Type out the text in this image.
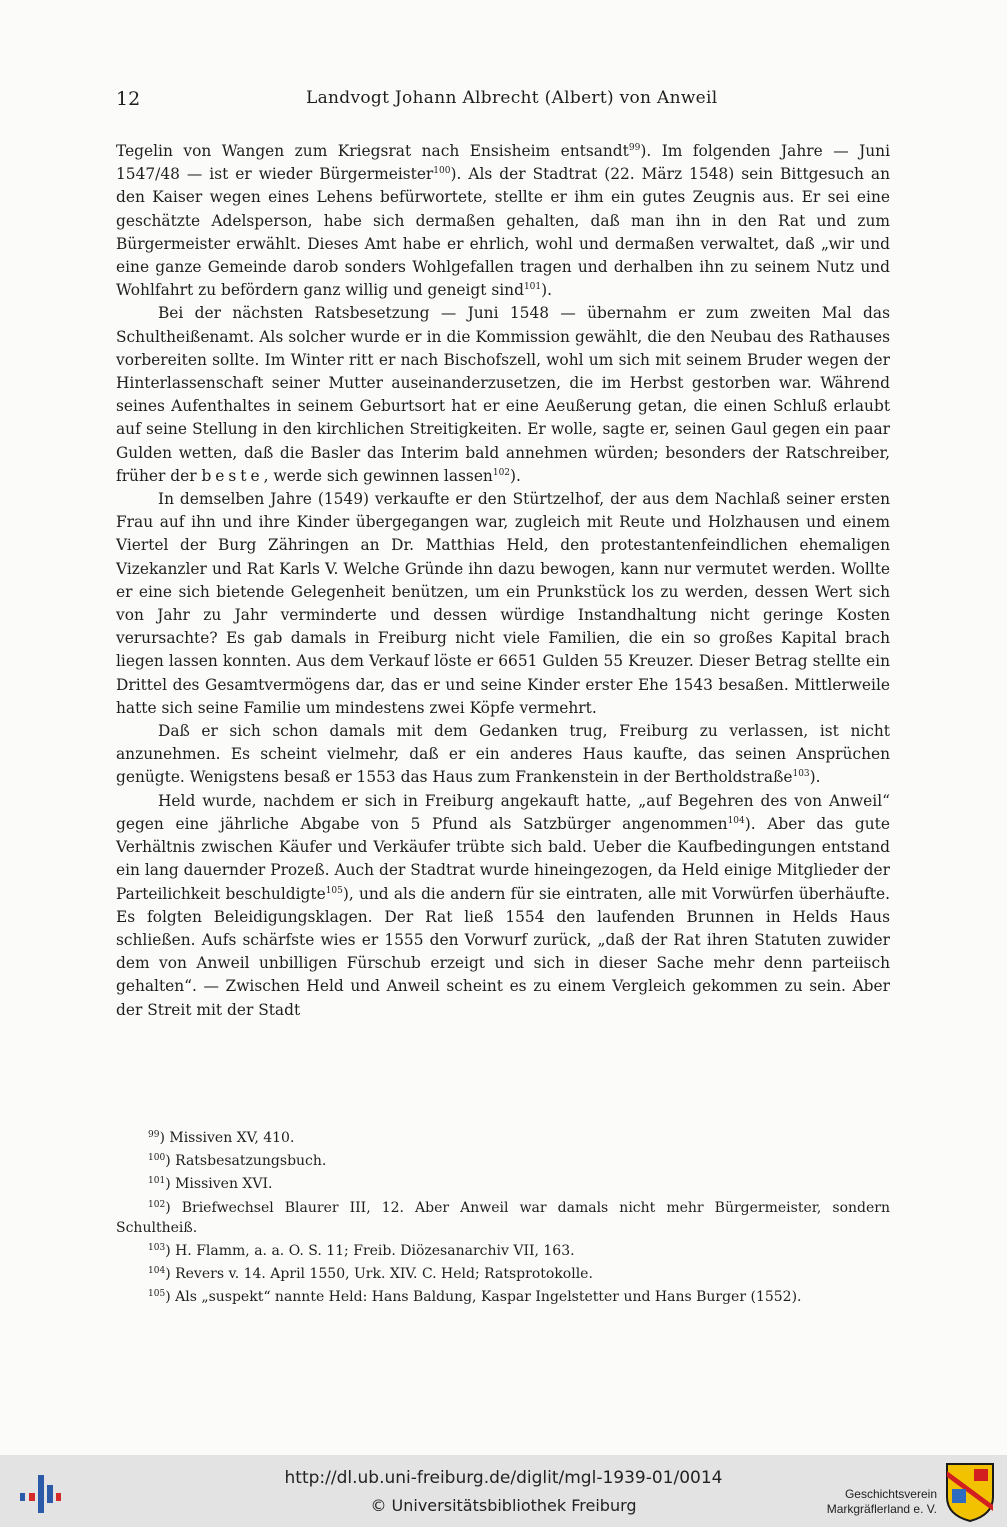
12	Landvogt Johann Albrecht (Albert) von Anweil

Tegelin von Wangen zum Kriegsrat nach Ensisheim entsandt$^{99}$). Im folgenden Jahre — Juni 1547/48 — ist er wieder Bürgermeister$^{100}$). Als der Stadtrat (22. März 1548) sein Bittgesuch an den Kaiser wegen eines Lehens befürwortete, stellte er ihm ein gutes Zeugnis aus. Er sei eine geschätzte Adelsperson, habe sich dermaßen gehalten, daß man ihn in den Rat und zum Bürgermeister erwählt. Dieses Amt habe er ehrlich, wohl und dermaßen verwaltet, daß „wir und eine ganze Gemeinde darob sonders Wohlgefallen tragen und derhalben ihn zu seinem Nutz und Wohlfahrt zu befördern ganz willig und geneigt sind$^{101}$).

Bei der nächsten Ratsbesetzung — Juni 1548 — übernahm er zum zweiten Mal das Schultheißenamt. Als solcher wurde er in die Kommission gewählt, die den Neubau des Rathauses vorbereiten sollte. Im Winter ritt er nach Bischofszell, wohl um sich mit seinem Bruder wegen der Hinterlassenschaft seiner Mutter auseinanderzusetzen, die im Herbst gestorben war. Während seines Aufenthaltes in seinem Geburtsort hat er eine Aeußerung getan, die einen Schluß erlaubt auf seine Stellung in den kirchlichen Streitigkeiten. Er wolle, sagte er, seinen Gaul gegen ein paar Gulden wetten, daß die Basler das Interim bald annehmen würden; besonders der Ratschreiber, früher der beste, werde sich gewinnen lassen$^{102}$).

In demselben Jahre (1549) verkaufte er den Stürtzelhof, der aus dem Nachlaß seiner ersten Frau auf ihn und ihre Kinder übergegangen war, zugleich mit Reute und Holzhausen und einem Viertel der Burg Zähringen an Dr. Matthias Held, den protestantenfeindlichen ehemaligen Vizekanzler und Rat Karls V. Welche Gründe ihn dazu bewogen, kann nur vermutet werden. Wollte er eine sich bietende Gelegenheit benützen, um ein Prunkstück los zu werden, dessen Wert sich von Jahr zu Jahr verminderte und dessen würdige Instandhaltung nicht geringe Kosten verursachte? Es gab damals in Freiburg nicht viele Familien, die ein so großes Kapital brach liegen lassen konnten. Aus dem Verkauf löste er 6651 Gulden 55 Kreuzer. Dieser Betrag stellte ein Drittel des Gesamtvermögens dar, das er und seine Kinder erster Ehe 1543 besaßen. Mittlerweile hatte sich seine Familie um mindestens zwei Köpfe vermehrt.

Daß er sich schon damals mit dem Gedanken trug, Freiburg zu verlassen, ist nicht anzunehmen. Es scheint vielmehr, daß er ein anderes Haus kaufte, das seinen Ansprüchen genügte. Wenigstens besaß er 1553 das Haus zum Frankenstein in der Bertholdstraße$^{103}$).

Held wurde, nachdem er sich in Freiburg angekauft hatte, „auf Begehren des von Anweil“ gegen eine jährliche Abgabe von 5 Pfund als Satzbürger angenommen$^{104}$). Aber das gute Verhältnis zwischen Käufer und Verkäufer trübte sich bald. Ueber die Kaufbedingungen entstand ein lang dauernder Prozeß. Auch der Stadtrat wurde hineingezogen, da Held einige Mitglieder der Parteilichkeit beschuldigte$^{105}$), und als die andern für sie eintraten, alle mit Vorwürfen überhäufte. Es folgten Beleidigungsklagen. Der Rat ließ 1554 den laufenden Brunnen in Helds Haus schließen. Aufs schärfste wies er 1555 den Vorwurf zurück, „daß der Rat ihren Statuten zuwider dem von Anweil unbilligen Fürschub erzeigt und sich in dieser Sache mehr denn parteiisch gehalten“. — Zwischen Held und Anweil scheint es zu einem Vergleich gekommen zu sein. Aber der Streit mit der Stadt

$^{99}$) Missiven XV, 410.
$^{100}$) Ratsbesatzungsbuch.
$^{101}$) Missiven XVI.
$^{102}$) Briefwechsel Blaurer III, 12. Aber Anweil war damals nicht mehr Bürgermeister, sondern Schultheiß.
$^{103}$) H. Flamm, a. a. O. S. 11; Freib. Diözesanarchiv VII, 163.
$^{104}$) Revers v. 14. April 1550, Urk. XIV. C. Held; Ratsprotokolle.
$^{105}$) Als „suspekt“ nannte Held: Hans Baldung, Kaspar Ingelstetter und Hans Burger (1552).
http://dl.ub.uni-freiburg.de/diglit/mgl-1939-01/0014
© Universitätsbibliothek Freiburg
Geschichtsverein
Markgräflerland e. V.
